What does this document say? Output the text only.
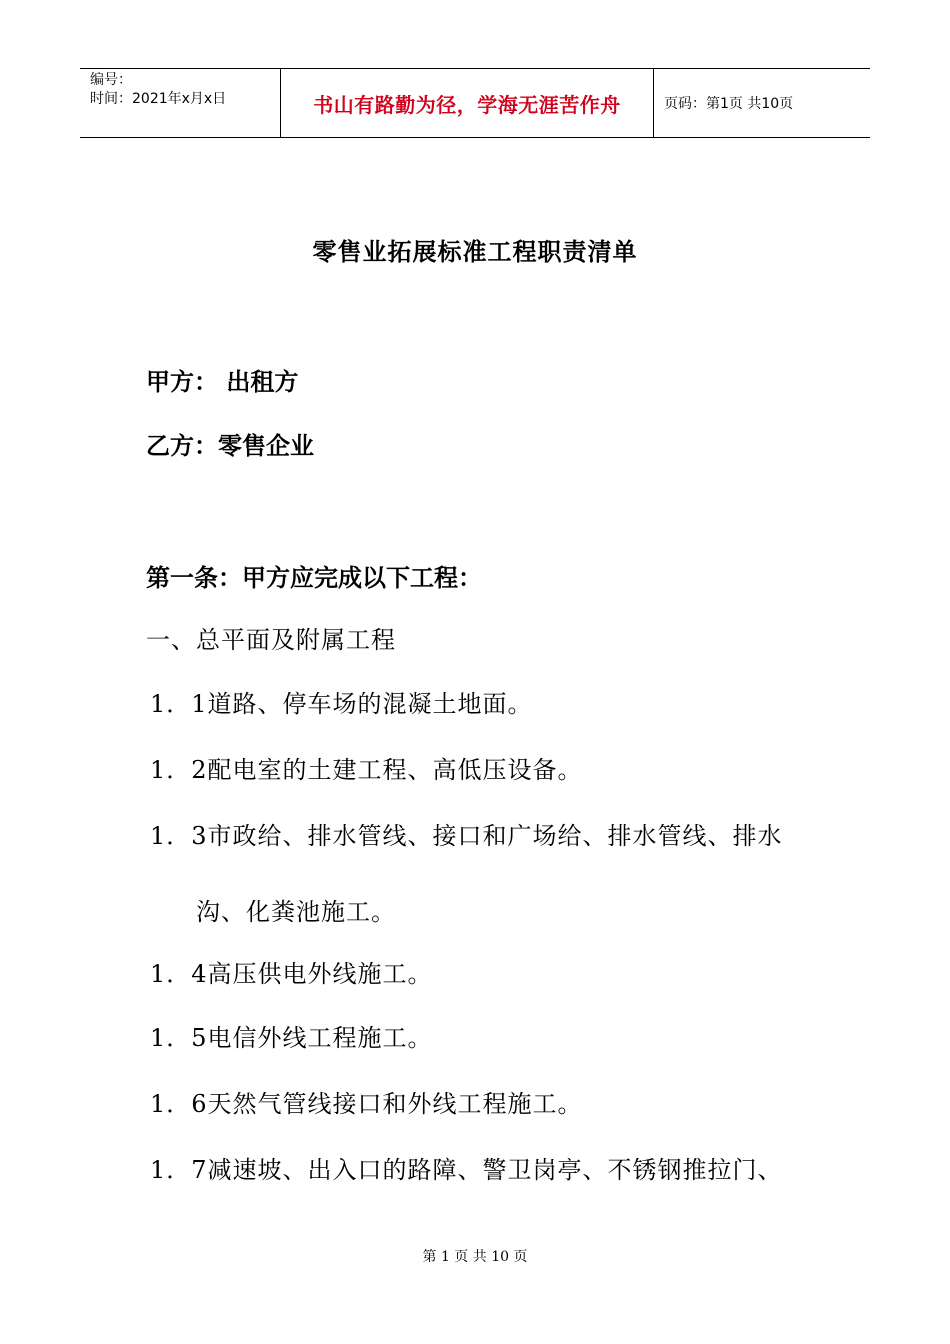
编号：
时间：2021年x月x日	书山有路勤为径，学海无涯苦作舟	页码：第1页 共10页
零售业拓展标准工程职责清单
甲方： 出租方
乙方：零售企业
第一条：甲方应完成以下工程：
一、总平面及附属工程
1．1道路、停车场的混凝土地面。
1．2配电室的土建工程、高低压设备。
1．3市政给、排水管线、接口和广场给、排水管线、排水
沟、化粪池施工。
1．4高压供电外线施工。
1．5电信外线工程施工。
1．6天然气管线接口和外线工程施工。
1．7减速坡、出入口的路障、警卫岗亭、不锈钢推拉门、
第 1 页 共 10 页
